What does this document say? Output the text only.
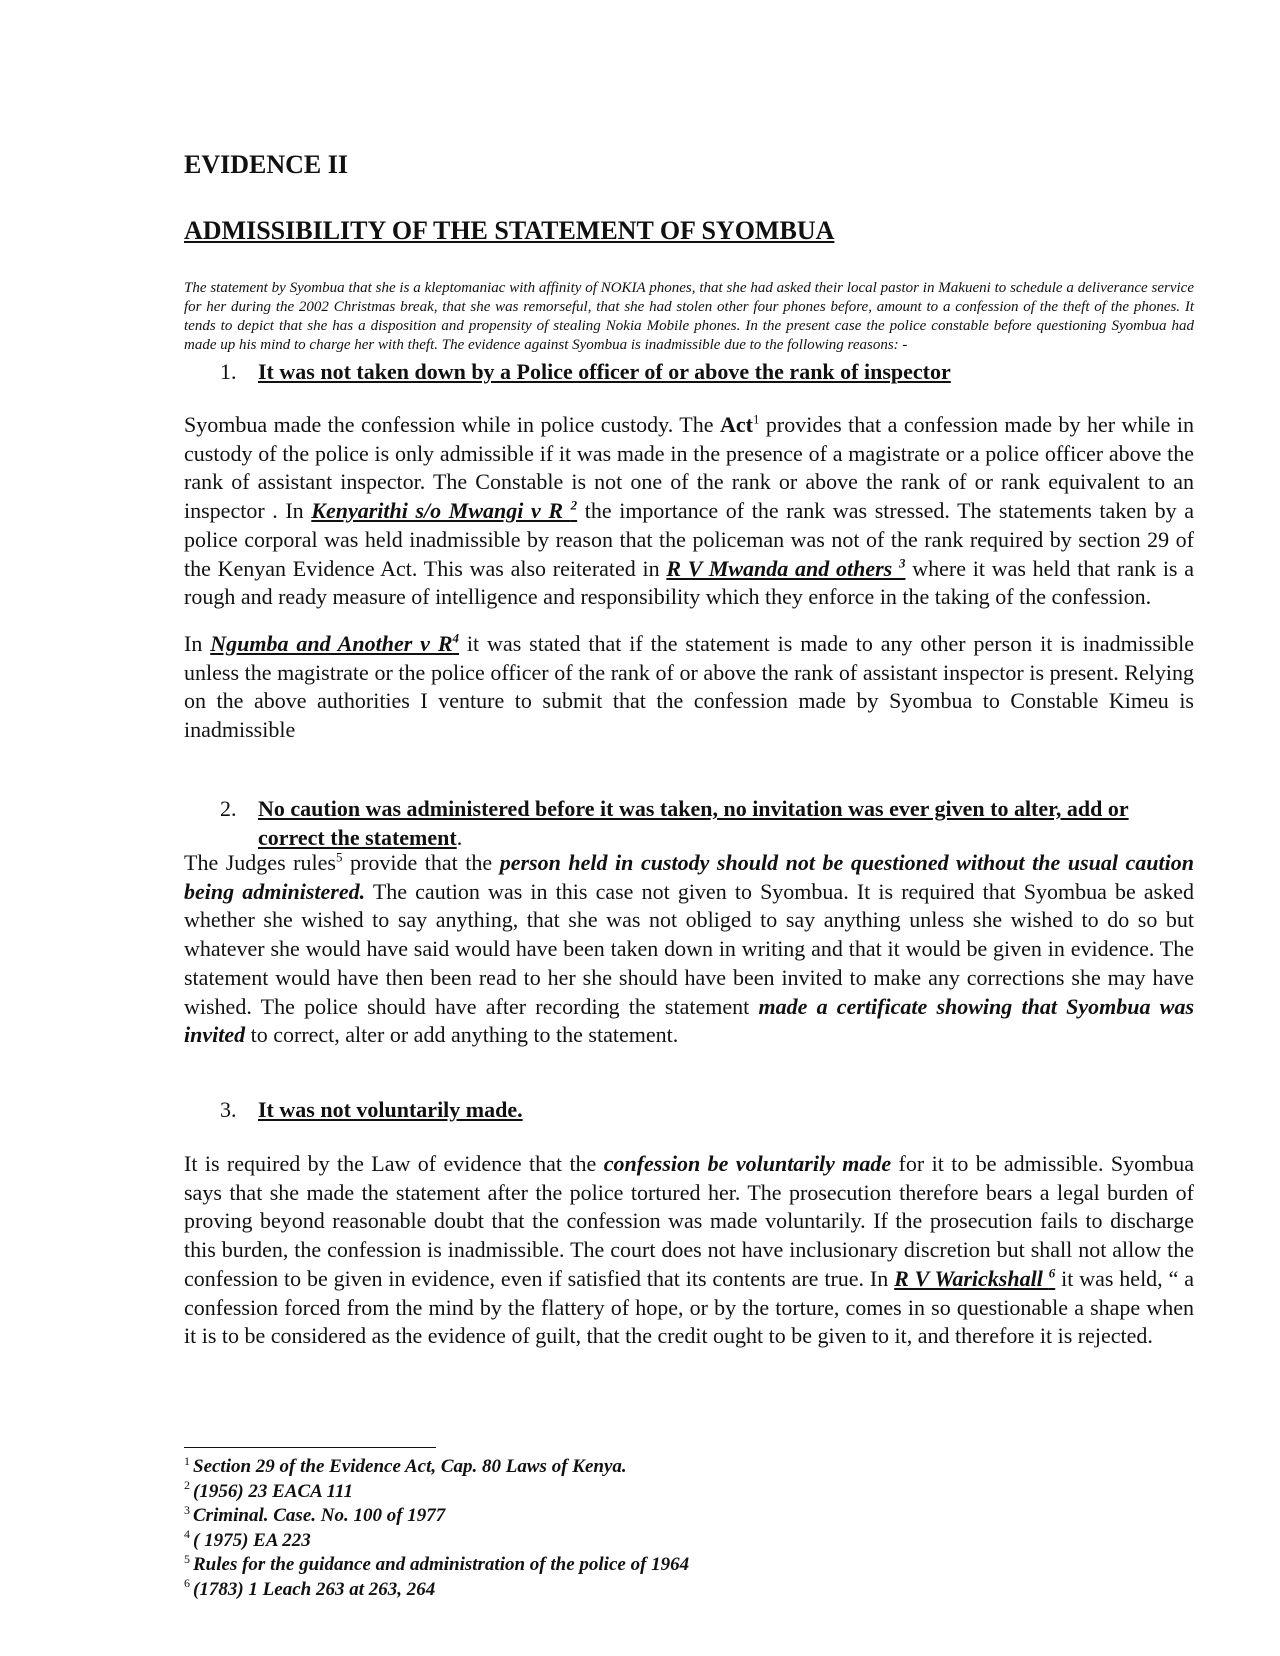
EVIDENCE II
ADMISSIBILITY OF THE STATEMENT OF SYOMBUA

The statement by Syombua that she is a kleptomaniac with affinity of NOKIA phones, that she had asked their local pastor in Makueni to schedule a deliverance service for her during the 2002 Christmas break, that she was remorseful, that she had stolen other four phones before, amount to a confession of the theft of the phones. It tends to depict that she has a disposition and propensity of stealing Nokia Mobile phones. In the present case the police constable before questioning Syombua had made up his mind to charge her with theft. The evidence against Syombua is inadmissible due to the following reasons: -

1. It was not taken down by a Police officer of or above the rank of inspector

Syombua made the confession while in police custody. The Act$^1$ provides that a confession made by her while in custody of the police is only admissible if it was made in the presence of a magistrate or a police officer above the rank of assistant inspector. The Constable is not one of the rank or above the rank of or rank equivalent to an inspector . In Kenyarithi s/o Mwangi v R $^2$ the importance of the rank was stressed. The statements taken by a police corporal was held inadmissible by reason that the policeman was not of the rank required by section 29 of the Kenyan Evidence Act. This was also reiterated in R V Mwanda and others $^3$ where it was held that rank is a rough and ready measure of intelligence and responsibility which they enforce in the taking of the confession.

In Ngumba and Another v $R^4$ it was stated that if the statement is made to any other person it is inadmissible unless the magistrate or the police officer of the rank of or above the rank of assistant inspector is present. Relying on the above authorities I venture to submit that the confession made by Syombua to Constable Kimeu is inadmissible

2. No caution was administered before it was taken, no invitation was ever given to alter, add or correct the statement.

The Judges rules$^5$ provide that the person held in custody should not be questioned without the usual caution being administered. The caution was in this case not given to Syombua. It is required that Syombua be asked whether she wished to say anything, that she was not obliged to say anything unless she wished to do so but whatever she would have said would have been taken down in writing and that it would be given in evidence. The statement would have then been read to her she should have been invited to make any corrections she may have wished. The police should have after recording the statement made a certificate showing that Syombua was invited to correct, alter or add anything to the statement.

3. It was not voluntarily made.

It is required by the Law of evidence that the confession be voluntarily made for it to be admissible. Syombua says that she made the statement after the police tortured her. The prosecution therefore bears a legal burden of proving beyond reasonable doubt that the confession was made voluntarily. If the prosecution fails to discharge this burden, the confession is inadmissible. The court does not have inclusionary discretion but shall not allow the confession to be given in evidence, even if satisfied that its contents are true. In R V Warickshall $^6$ it was held, “ a confession forced from the mind by the flattery of hope, or by the torture, comes in so questionable a shape when it is to be considered as the evidence of guilt, that the credit ought to be given to it, and therefore it is rejected.

$^1$ Section 29 of the Evidence Act, Cap. 80 Laws of Kenya.
$^2$ (1956) 23 EACA 111
$^3$ Criminal. Case. No. 100 of 1977
$^4$ ( 1975) EA 223
$^5$ Rules for the guidance and administration of the police of 1964
$^6$ (1783) 1 Leach 263 at 263, 264
